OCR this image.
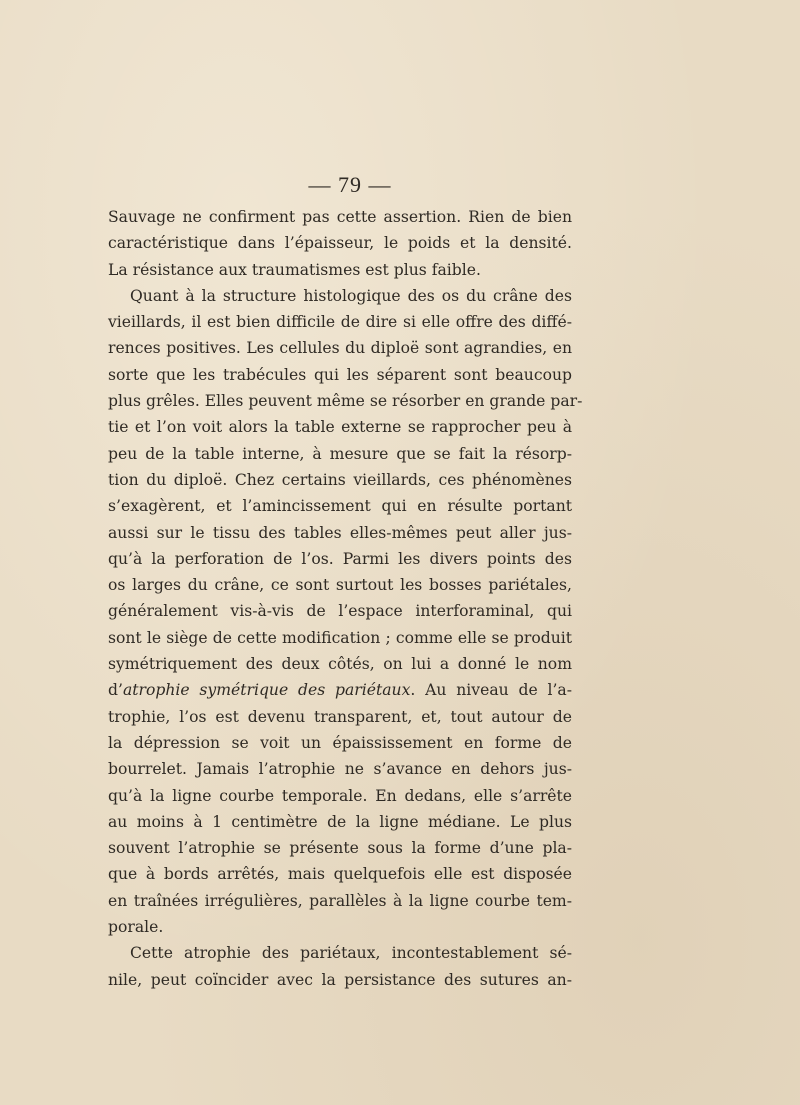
— 79 —
Sauvage ne confirment pas cette assertion. Rien de bien
caractéristique dans l’épaisseur, le poids et la densité.
La résistance aux traumatismes est plus faible.
Quant à la structure histologique des os du crâne des
vieillards, il est bien difficile de dire si elle offre des diffé-
rences positives. Les cellules du diploë sont agrandies, en
sorte que les trabécules qui les séparent sont beaucoup
plus grêles. Elles peuvent même se résorber en grande par-
tie et l’on voit alors la table externe se rapprocher peu à
peu de la table interne, à mesure que se fait la résorp-
tion du diploë. Chez certains vieillards, ces phénomènes
s’exagèrent, et l’amincissement qui en résulte portant
aussi sur le tissu des tables elles-mêmes peut aller jus-
qu’à la perforation de l’os. Parmi les divers points des
os larges du crâne, ce sont surtout les bosses pariétales,
généralement vis-à-vis de l’espace interforaminal, qui
sont le siège de cette modification ; comme elle se produit
symétriquement des deux côtés, on lui a donné le nom
d’atrophie symétrique des pariétaux. Au niveau de l’a-
trophie, l’os est devenu transparent, et, tout autour de
la dépression se voit un épaississement en forme de
bourrelet. Jamais l’atrophie ne s’avance en dehors jus-
qu’à la ligne courbe temporale. En dedans, elle s’arrête
au moins à 1 centimètre de la ligne médiane. Le plus
souvent l’atrophie se présente sous la forme d’une pla-
que à bords arrêtés, mais quelquefois elle est disposée
en traînées irrégulières, parallèles à la ligne courbe tem-
porale.
Cette atrophie des pariétaux, incontestablement sé-
nile, peut coïncider avec la persistance des sutures an-
